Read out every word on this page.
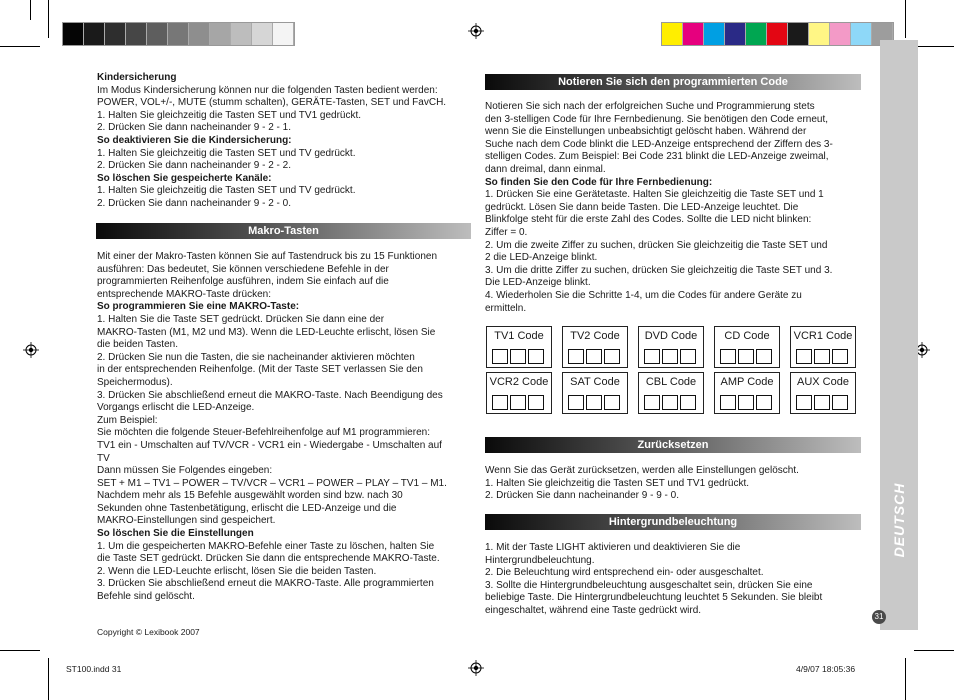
DEUTSCH
31

Kindersicherung

Im Modus Kindersicherung können nur die folgenden Tasten bedient werden:

POWER, VOL+/-, MUTE (stumm schalten), GERÄTE-Tasten, SET und FavCH.

1. Halten Sie gleichzeitig die Tasten SET und TV1 gedrückt.

2. Drücken Sie dann nacheinander 9 - 2 - 1.

So deaktivieren Sie die Kindersicherung:

1. Halten Sie gleichzeitig die Tasten SET und TV gedrückt.

2. Drücken Sie dann nacheinander 9 - 2 - 2.

So löschen Sie gespeicherte Kanäle:

1. Halten Sie gleichzeitig die Tasten SET und TV gedrückt.

2. Drücken Sie dann nacheinander 9 - 2 - 0.

Makro-Tasten

Mit einer der Makro-Tasten können Sie auf Tastendruck bis zu 15 Funktionen

ausführen: Das bedeutet, Sie können verschiedene Befehle in der

programmierten Reihenfolge ausführen, indem Sie einfach auf die

entsprechende MAKRO-Taste drücken:

So programmieren Sie eine MAKRO-Taste:

1. Halten Sie die Taste SET gedrückt. Drücken Sie dann eine der

MAKRO-Tasten (M1, M2 und M3). Wenn die LED-Leuchte erlischt, lösen Sie

die beiden Tasten.

2. Drücken Sie nun die Tasten, die sie nacheinander aktivieren möchten

in der entsprechenden Reihenfolge. (Mit der Taste SET verlassen Sie den

Speichermodus).

3. Drücken Sie abschließend erneut die MAKRO-Taste. Nach Beendigung des

Vorgangs erlischt die LED-Anzeige.

Zum Beispiel:

Sie möchten die folgende Steuer-Befehlreihenfolge auf M1 programmieren:

TV1 ein - Umschalten auf TV/VCR - VCR1 ein - Wiedergabe - Umschalten auf

TV

Dann müssen Sie Folgendes eingeben:

SET + M1 – TV1 – POWER – TV/VCR – VCR1 – POWER – PLAY – TV1 – M1.

Nachdem mehr als 15 Befehle ausgewählt worden sind bzw. nach 30

Sekunden ohne Tastenbetätigung, erlischt die LED-Anzeige und die

MAKRO-Einstellungen sind gespeichert.

So löschen Sie die Einstellungen

1. Um die gespeicherten MAKRO-Befehle einer Taste zu löschen, halten Sie

die Taste SET gedrückt. Drücken Sie dann die entsprechende MAKRO-Taste.

2. Wenn die LED-Leuchte erlischt, lösen Sie die beiden Tasten.

3. Drücken Sie abschließend erneut die MAKRO-Taste. Alle programmierten

Befehle sind gelöscht.

Copyright © Lexibook 2007
Notieren Sie sich den programmierten Code

Notieren Sie sich nach der erfolgreichen Suche und Programmierung stets

den 3-stelligen Code für Ihre Fernbedienung. Sie benötigen den Code erneut,

wenn Sie die Einstellungen unbeabsichtigt gelöscht haben. Während der

Suche nach dem Code blinkt die LED-Anzeige entsprechend der Ziffern des 3-

stelligen Codes. Zum Beispiel: Bei Code 231 blinkt die LED-Anzeige zweimal,

dann dreimal, dann einmal.

So finden Sie den Code für Ihre Fernbedienung:

1. Drücken Sie eine Gerätetaste. Halten Sie gleichzeitig die Taste SET und 1

gedrückt. Lösen Sie dann beide Tasten. Die LED-Anzeige leuchtet. Die

Blinkfolge steht für die erste Zahl des Codes. Sollte die LED nicht blinken:

Ziffer = 0.

2. Um die zweite Ziffer zu suchen, drücken Sie gleichzeitig die Taste SET und

2 die LED-Anzeige blinkt.

3. Um die dritte Ziffer zu suchen, drücken Sie gleichzeitig die Taste SET und 3.

Die LED-Anzeige blinkt.

4. Wiederholen Sie die Schritte 1-4, um die Codes für andere Geräte zu

ermitteln.

TV1 Code	TV2 Code	DVD Code	CD Code	VCR1 Code
VCR2 Code	SAT Code	CBL Code	AMP Code	AUX Code
Zurücksetzen

Wenn Sie das Gerät zurücksetzen, werden alle Einstellungen gelöscht.

1. Halten Sie gleichzeitig die Tasten SET und TV1 gedrückt.

2. Drücken Sie dann nacheinander 9 - 9 - 0.

Hintergrundbeleuchtung

1. Mit der Taste LIGHT aktivieren und deaktivieren Sie die

Hintergrundbeleuchtung.

2. Die Beleuchtung wird entsprechend ein- oder ausgeschaltet.

3. Sollte die Hintergrundbeleuchtung ausgeschaltet sein, drücken Sie eine

beliebige Taste. Die Hintergrundbeleuchtung leuchtet 5 Sekunden. Sie bleibt

eingeschaltet, während eine Taste gedrückt wird.

ST100.indd 31	4/9/07 18:05:36
